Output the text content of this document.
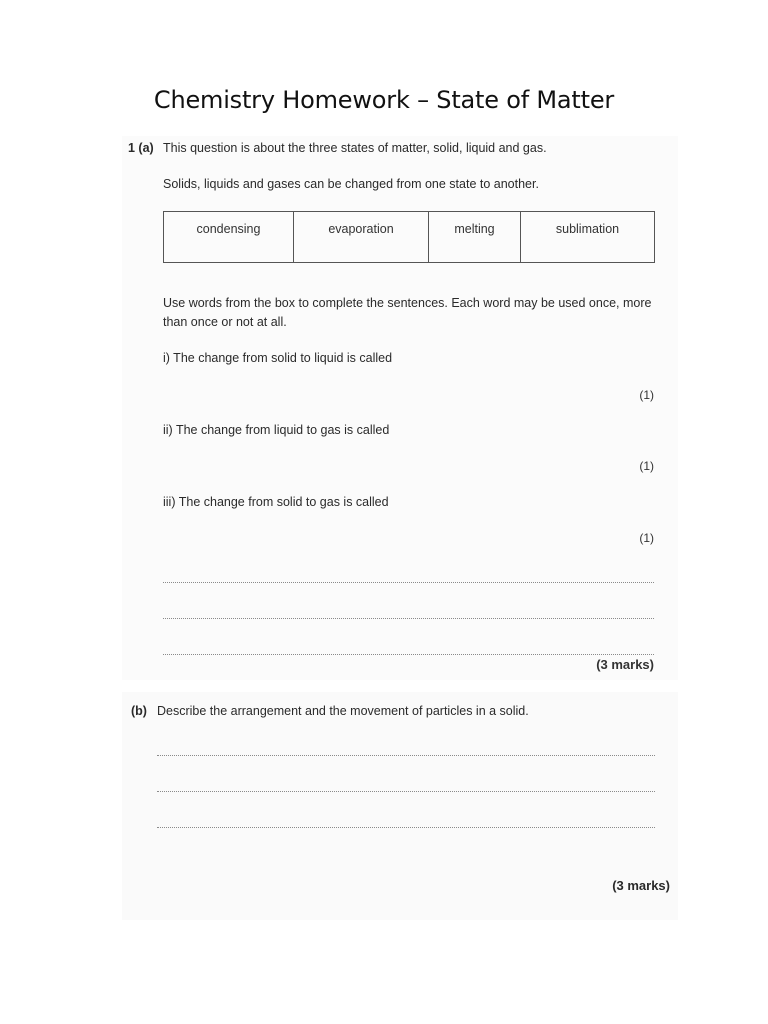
Chemistry Homework – State of Matter
1 (a) This question is about the three states of matter, solid, liquid and gas.
Solids, liquids and gases can be changed from one state to another.
condensing	evaporation	melting	sublimation
Use words from the box to complete the sentences. Each word may be used once, more
than once or not at all.
i) The change from solid to liquid is called
(1)
ii) The change from liquid to gas is called
(1)
iii) The change from solid to gas is called
(1)
(3 marks)
(b) Describe the arrangement and the movement of particles in a solid.
(3 marks)
